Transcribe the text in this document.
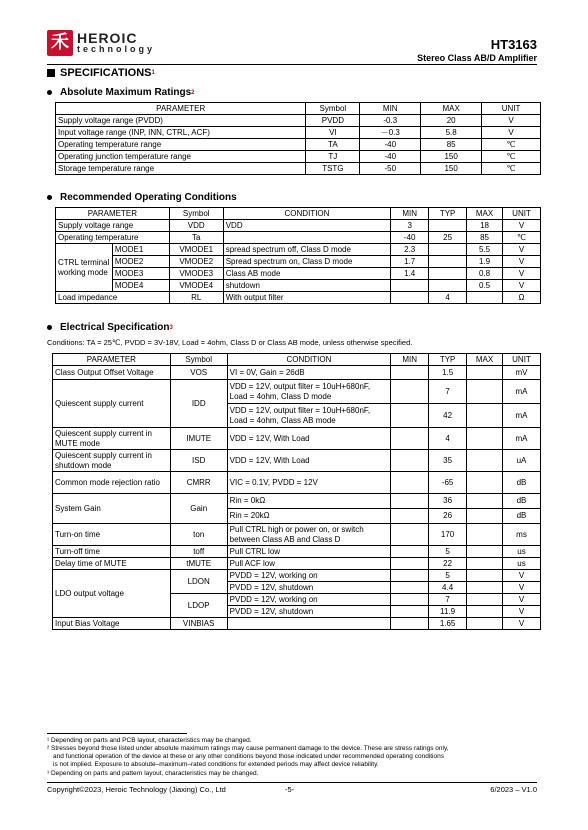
禾 HEROIC
technology	HT3163
Stereo Class AB/D Amplifier
SPECIFICATIONS 1
Absolute Maximum Ratings 2
PARAMETER	Symbol	MIN	MAX	UNIT
Supply voltage range (PVDD)	PVDD	-0.3	20	V
Input voltage range (INP, INN, CTRL, ACF)	VI	－0.3	5.8	V
Operating temperature range	TA	-40	85	℃
Operating junction temperature range	TJ	-40	150	℃
Storage temperature range	TSTG	-50	150	℃
Recommended Operating Conditions
PARAMETER		Symbol	CONDITION	MIN	TYP	MAX	UNIT
Supply voltage range		VDD	VDD	3		18	V
Operating temperature		Ta		-40	25	85	℃
CTRL terminal working mode	MODE1	VMODE1	spread spectrum off, Class D mode	2.3		5.5	V
	MODE2	VMODE2	Spread spectrum on, Class D mode	1.7		1.9	V
	MODE3	VMODE3	Class AB mode	1.4		0.8	V
	MODE4	VMODE4	shutdown			0.5	V
Load impedance		RL	With output filter		4		Ω
Electrical Specification 3
Conditions: TA = 25℃, PVDD = 3V-18V, Load = 4ohm, Class D or Class AB mode, unless otherwise specified.
PARAMETER	Symbol	CONDITION	MIN	TYP	MAX	UNIT
Class Output Offset Voltage	VOS	VI = 0V, Gain = 26dB		1.5		mV
Quiescent supply current	IDD	VDD = 12V, output filter = 10uH+680nF, Load = 4ohm, Class D mode		7		mA
		VDD = 12V, output filter = 10uH+680nF, Load = 4ohm, Class AB mode		42		mA
Quiescent supply current in MUTE mode	IMUTE	VDD = 12V, With Load		4		mA
Quiescent supply current in shutdown mode	ISD	VDD = 12V, With Load		35		uA
Common mode rejection ratio	CMRR	VIC = 0.1V, PVDD = 12V		-65		dB
System Gain	Gain	Rin = 0kΩ		36		dB
		Rin = 20kΩ		26		dB
Turn-on time	ton	Pull CTRL high or power on, or switch between Class AB and Class D		170		ms
Turn-off time	toff	Pull CTRL low		5		us
Delay time of MUTE	tMUTE	Pull ACF low		22		us
LDO output voltage	LDON	PVDD = 12V, working on		5		V
		PVDD = 12V, shutdown		4.4		V
	LDOP	PVDD = 12V, working on		7		V
		PVDD = 12V, shutdown		11.9		V
Input Bias Voltage	VINBIAS			1.65		V
¹ Depending on parts and PCB layout, characteristics may be changed.
² Stresses beyond those listed under absolute maximum ratings may cause permanent damage to the device. These are stress ratings only,
and functional operation of the device at these or any other conditions beyond those indicated under recommended operating conditions
is not implied. Exposure to absolute–maximum–rated conditions for extended periods may affect device reliability.
³ Depending on parts and pattern layout, characteristics may be changed.
Copyright©2023, Heroic Technology (Jiaxing) Co., Ltd	-5-	6/2023 – V1.0
